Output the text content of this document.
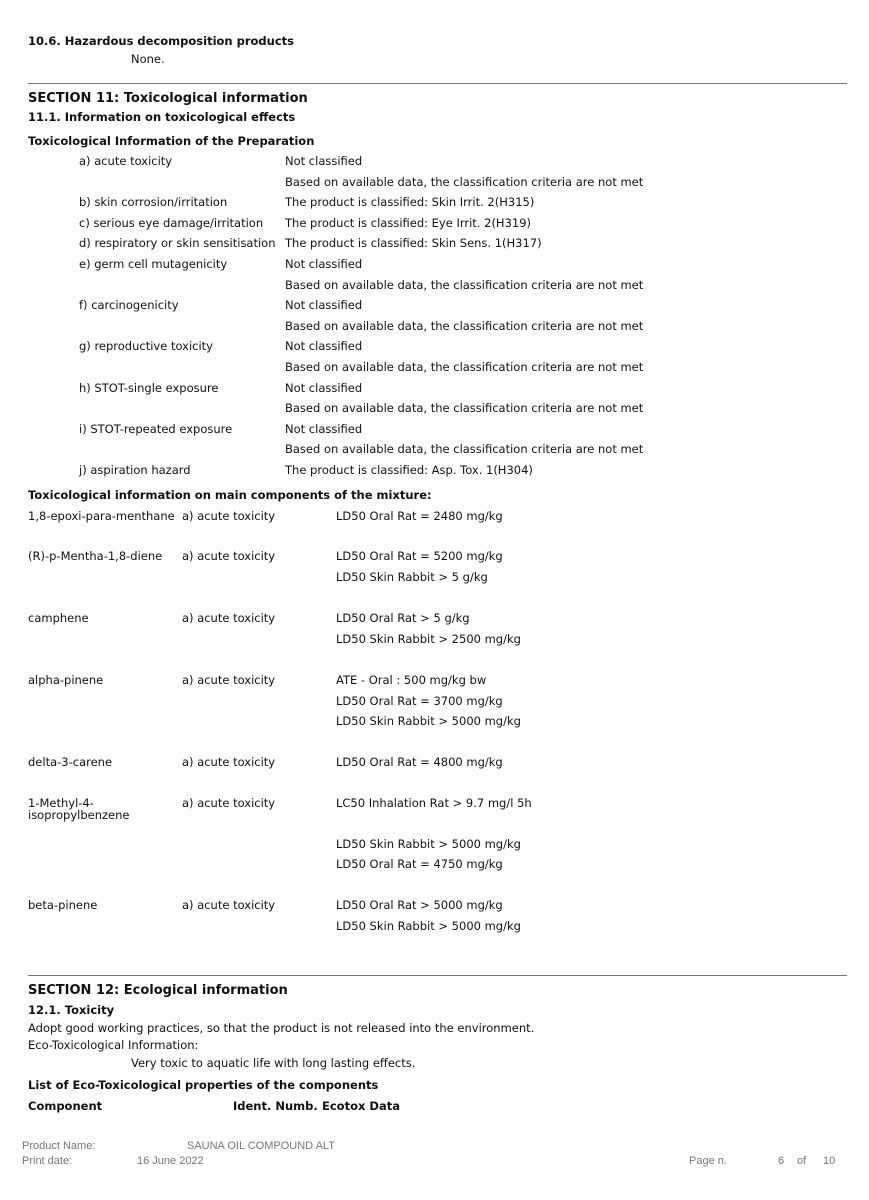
10.6. Hazardous decomposition products
None.
SECTION 11: Toxicological information
11.1. Information on toxicological effects
Toxicological Information of the Preparation
a) acute toxicity	Not classified
Based on available data, the classification criteria are not met
b) skin corrosion/irritation	The product is classified: Skin Irrit. 2(H315)
c) serious eye damage/irritation The product is classified: Eye Irrit. 2(H319)
d) respiratory or skin sensitisation The product is classified: Skin Sens. 1(H317)
e) germ cell mutagenicity	Not classified
Based on available data, the classification criteria are not met
f) carcinogenicity	Not classified
Based on available data, the classification criteria are not met
g) reproductive toxicity	Not classified
Based on available data, the classification criteria are not met
h) STOT-single exposure	Not classified
Based on available data, the classification criteria are not met
i) STOT-repeated exposure	Not classified
Based on available data, the classification criteria are not met
j) aspiration hazard	The product is classified: Asp. Tox. 1(H304)
Toxicological information on main components of the mixture:
1,8-epoxi-para-menthane a) acute toxicity	LD50 Oral Rat = 2480 mg/kg
(R)-p-Mentha-1,8-diene a) acute toxicity	LD50 Oral Rat = 5200 mg/kg
LD50 Skin Rabbit > 5 g/kg
camphene	a) acute toxicity	LD50 Oral Rat > 5 g/kg
LD50 Skin Rabbit > 2500 mg/kg
alpha-pinene	a) acute toxicity	ATE - Oral : 500 mg/kg bw
LD50 Oral Rat = 3700 mg/kg
LD50 Skin Rabbit > 5000 mg/kg
delta-3-carene	a) acute toxicity	LD50 Oral Rat = 4800 mg/kg
1-Methyl-4-
isopropylbenzene
a) acute toxicity	LC50 Inhalation Rat > 9.7 mg/l 5h
LD50 Skin Rabbit > 5000 mg/kg
LD50 Oral Rat = 4750 mg/kg
beta-pinene	a) acute toxicity	LD50 Oral Rat > 5000 mg/kg
LD50 Skin Rabbit > 5000 mg/kg
SECTION 12: Ecological information
12.1. Toxicity
Adopt good working practices, so that the product is not released into the environment.
Eco-Toxicological Information:
Very toxic to aquatic life with long lasting effects.
List of Eco-Toxicological properties of the components
Component	Ident. Numb. Ecotox Data
Product Name:	SAUNA OIL COMPOUND ALT
Print date:	16 June 2022	Page n.	6 of 10
